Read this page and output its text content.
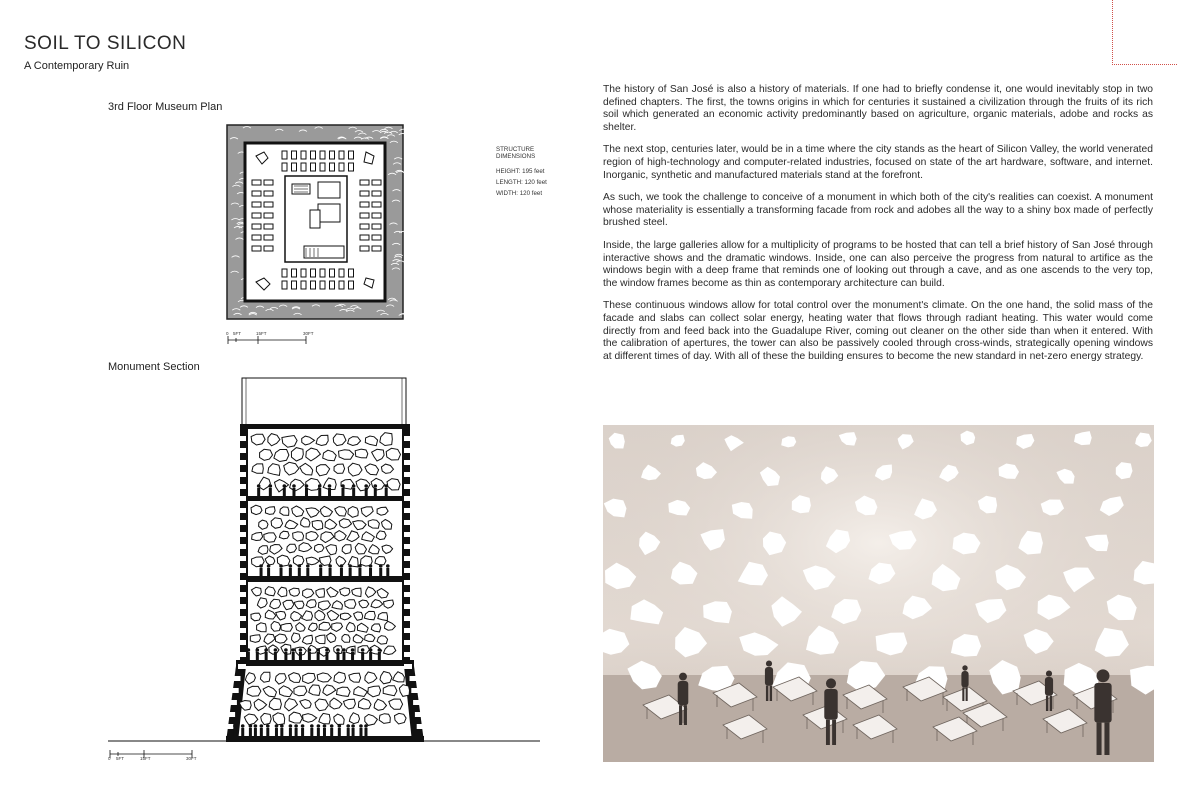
SOIL TO SILICON
A Contemporary Ruin
3rd Floor Museum Plan
0 5FT	15FT	30FT
STRUCTURE
DIMENSIONS
HEIGHT: 195 feet
LENGTH: 120 feet
WIDTH: 120 feet
Monument Section
0 5FT	15FT	30FT

The history of San José is also a history of materials. If one had to briefly condense it, one would inevitably stop in two defined chapters. The first, the towns origins in which for centuries it sustained a civilization through the fruits of its rich soil which generated an economic activity predominantly based on agriculture, organic materials, adobe and rocks as shelter.

The next stop, centuries later, would be in a time where the city stands as the heart of Silicon Valley, the world venerated region of high-technology and computer-related industries, focused on state of the art hardware, software, and internet. Inorganic, synthetic and manufactured materials stand at the forefront.

As such, we took the challenge to conceive of a monument in which both of the city's realities can coexist. A monument whose materiality is essentially a transforming facade from rock and adobes all the way to a shiny box made of perfectly brushed steel.

Inside, the large galleries allow for a multiplicity of programs to be hosted that can tell a brief history of San José through interactive shows and the dramatic windows. Inside, one can also perceive the progress from natural to artifice as the windows begin with a deep frame that reminds one of looking out through a cave, and as one ascends to the very top, the window frames become as thin as contemporary architecture can build.

These continuous windows allow for total control over the monument's climate. On the one hand, the solid mass of the facade and slabs can collect solar energy, heating water that flows through radiant heating. This water would come directly from and feed back into the Guadalupe River, coming out cleaner on the other side than when it entered. With the calibration of apertures, the tower can also be passively cooled through cross-winds, strategically opening windows at different times of day. With all of these the building ensures to become the new standard in net-zero energy strategy.
